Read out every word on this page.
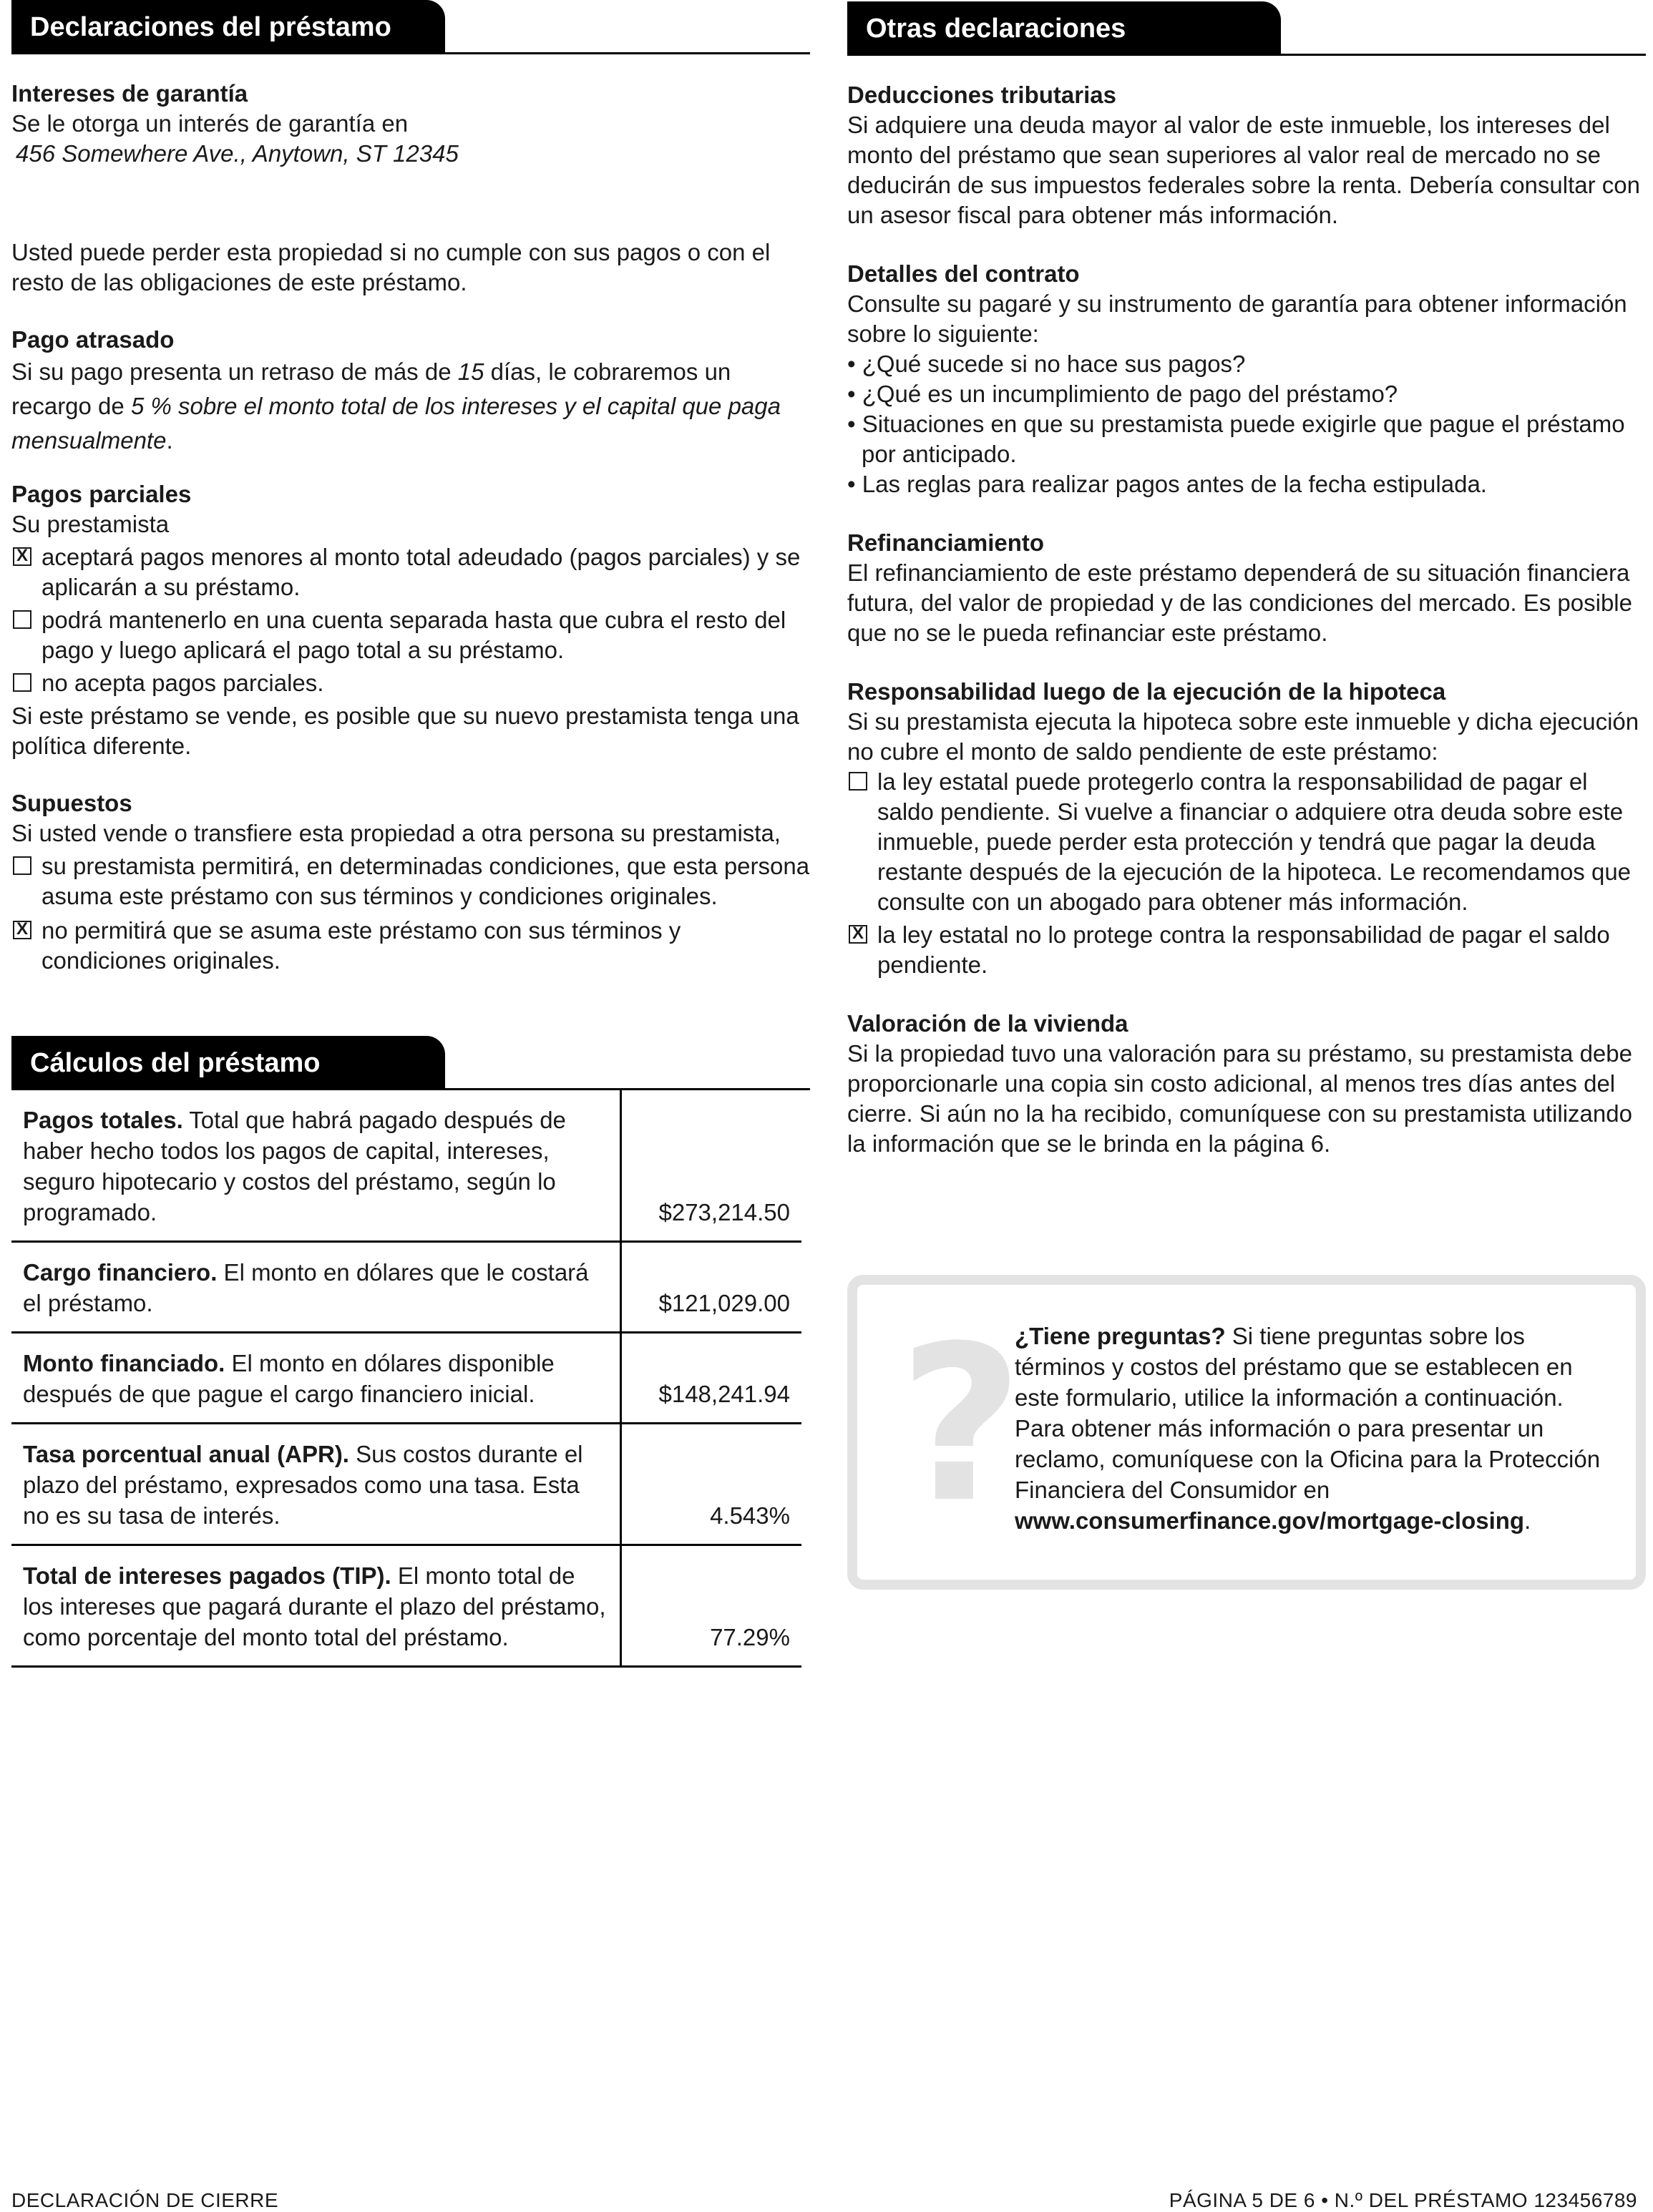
Declaraciones del préstamo
Intereses de garantía
Se le otorga un interés de garantía en
456 Somewhere Ave., Anytown, ST 12345
Usted puede perder esta propiedad si no cumple con sus pagos o con el resto de las obligaciones de este préstamo.
Pago atrasado
Si su pago presenta un retraso de más de 15 días, le cobraremos un recargo de 5 % sobre el monto total de los intereses y el capital que paga mensualmente.
Pagos parciales
Su prestamista
X aceptará pagos menores al monto total adeudado (pagos parciales) y se aplicarán a su préstamo.
podrá mantenerlo en una cuenta separada hasta que cubra el resto del pago y luego aplicará el pago total a su préstamo.
no acepta pagos parciales.
Si este préstamo se vende, es posible que su nuevo prestamista tenga una política diferente.
Supuestos
Si usted vende o transfiere esta propiedad a otra persona su prestamista,
su prestamista permitirá, en determinadas condiciones, que esta persona asuma este préstamo con sus términos y condiciones originales.
X no permitirá que se asuma este préstamo con sus términos y condiciones originales.
Cálculos del préstamo
Pagos totales. Total que habrá pagado después de haber hecho todos los pagos de capital, intereses, seguro hipotecario y costos del préstamo, según lo programado.	$273,214.50
Cargo financiero. El monto en dólares que le costará el préstamo.	$121,029.00
Monto financiado. El monto en dólares disponible después de que pague el cargo financiero inicial.	$148,241.94
Tasa porcentual anual (APR). Sus costos durante el plazo del préstamo, expresados como una tasa. Esta no es su tasa de interés.	4.543%
Total de intereses pagados (TIP). El monto total de los intereses que pagará durante el plazo del préstamo, como porcentaje del monto total del préstamo.	77.29%
Otras declaraciones
Deducciones tributarias
Si adquiere una deuda mayor al valor de este inmueble, los intereses del monto del préstamo que sean superiores al valor real de mercado no se deducirán de sus impuestos federales sobre la renta. Debería consultar con un asesor fiscal para obtener más información.
Detalles del contrato
Consulte su pagaré y su instrumento de garantía para obtener información sobre lo siguiente:
• ¿Qué sucede si no hace sus pagos?
• ¿Qué es un incumplimiento de pago del préstamo?
• Situaciones en que su prestamista puede exigirle que pague el préstamo por anticipado.
• Las reglas para realizar pagos antes de la fecha estipulada.
Refinanciamiento
El refinanciamiento de este préstamo dependerá de su situación financiera futura, del valor de propiedad y de las condiciones del mercado. Es posible que no se le pueda refinanciar este préstamo.
Responsabilidad luego de la ejecución de la hipoteca
Si su prestamista ejecuta la hipoteca sobre este inmueble y dicha ejecución no cubre el monto de saldo pendiente de este préstamo:
la ley estatal puede protegerlo contra la responsabilidad de pagar el saldo pendiente. Si vuelve a financiar o adquiere otra deuda sobre este inmueble, puede perder esta protección y tendrá que pagar la deuda restante después de la ejecución de la hipoteca. Le recomendamos que consulte con un abogado para obtener más información.
X la ley estatal no lo protege contra la responsabilidad de pagar el saldo pendiente.
Valoración de la vivienda
Si la propiedad tuvo una valoración para su préstamo, su prestamista debe proporcionarle una copia sin costo adicional, al menos tres días antes del cierre. Si aún no la ha recibido, comuníquese con su prestamista utilizando la información que se le brinda en la página 6.
?
¿Tiene preguntas? Si tiene preguntas sobre los términos y costos del préstamo que se establecen en este formulario, utilice la información a continuación. Para obtener más información o para presentar un reclamo, comuníquese con la Oficina para la Protección Financiera del Consumidor en www.consumerfinance.gov/mortgage-closing.
DECLARACIÓN DE CIERRE	PÁGINA 5 DE 6 • N.º DEL PRÉSTAMO 123456789
